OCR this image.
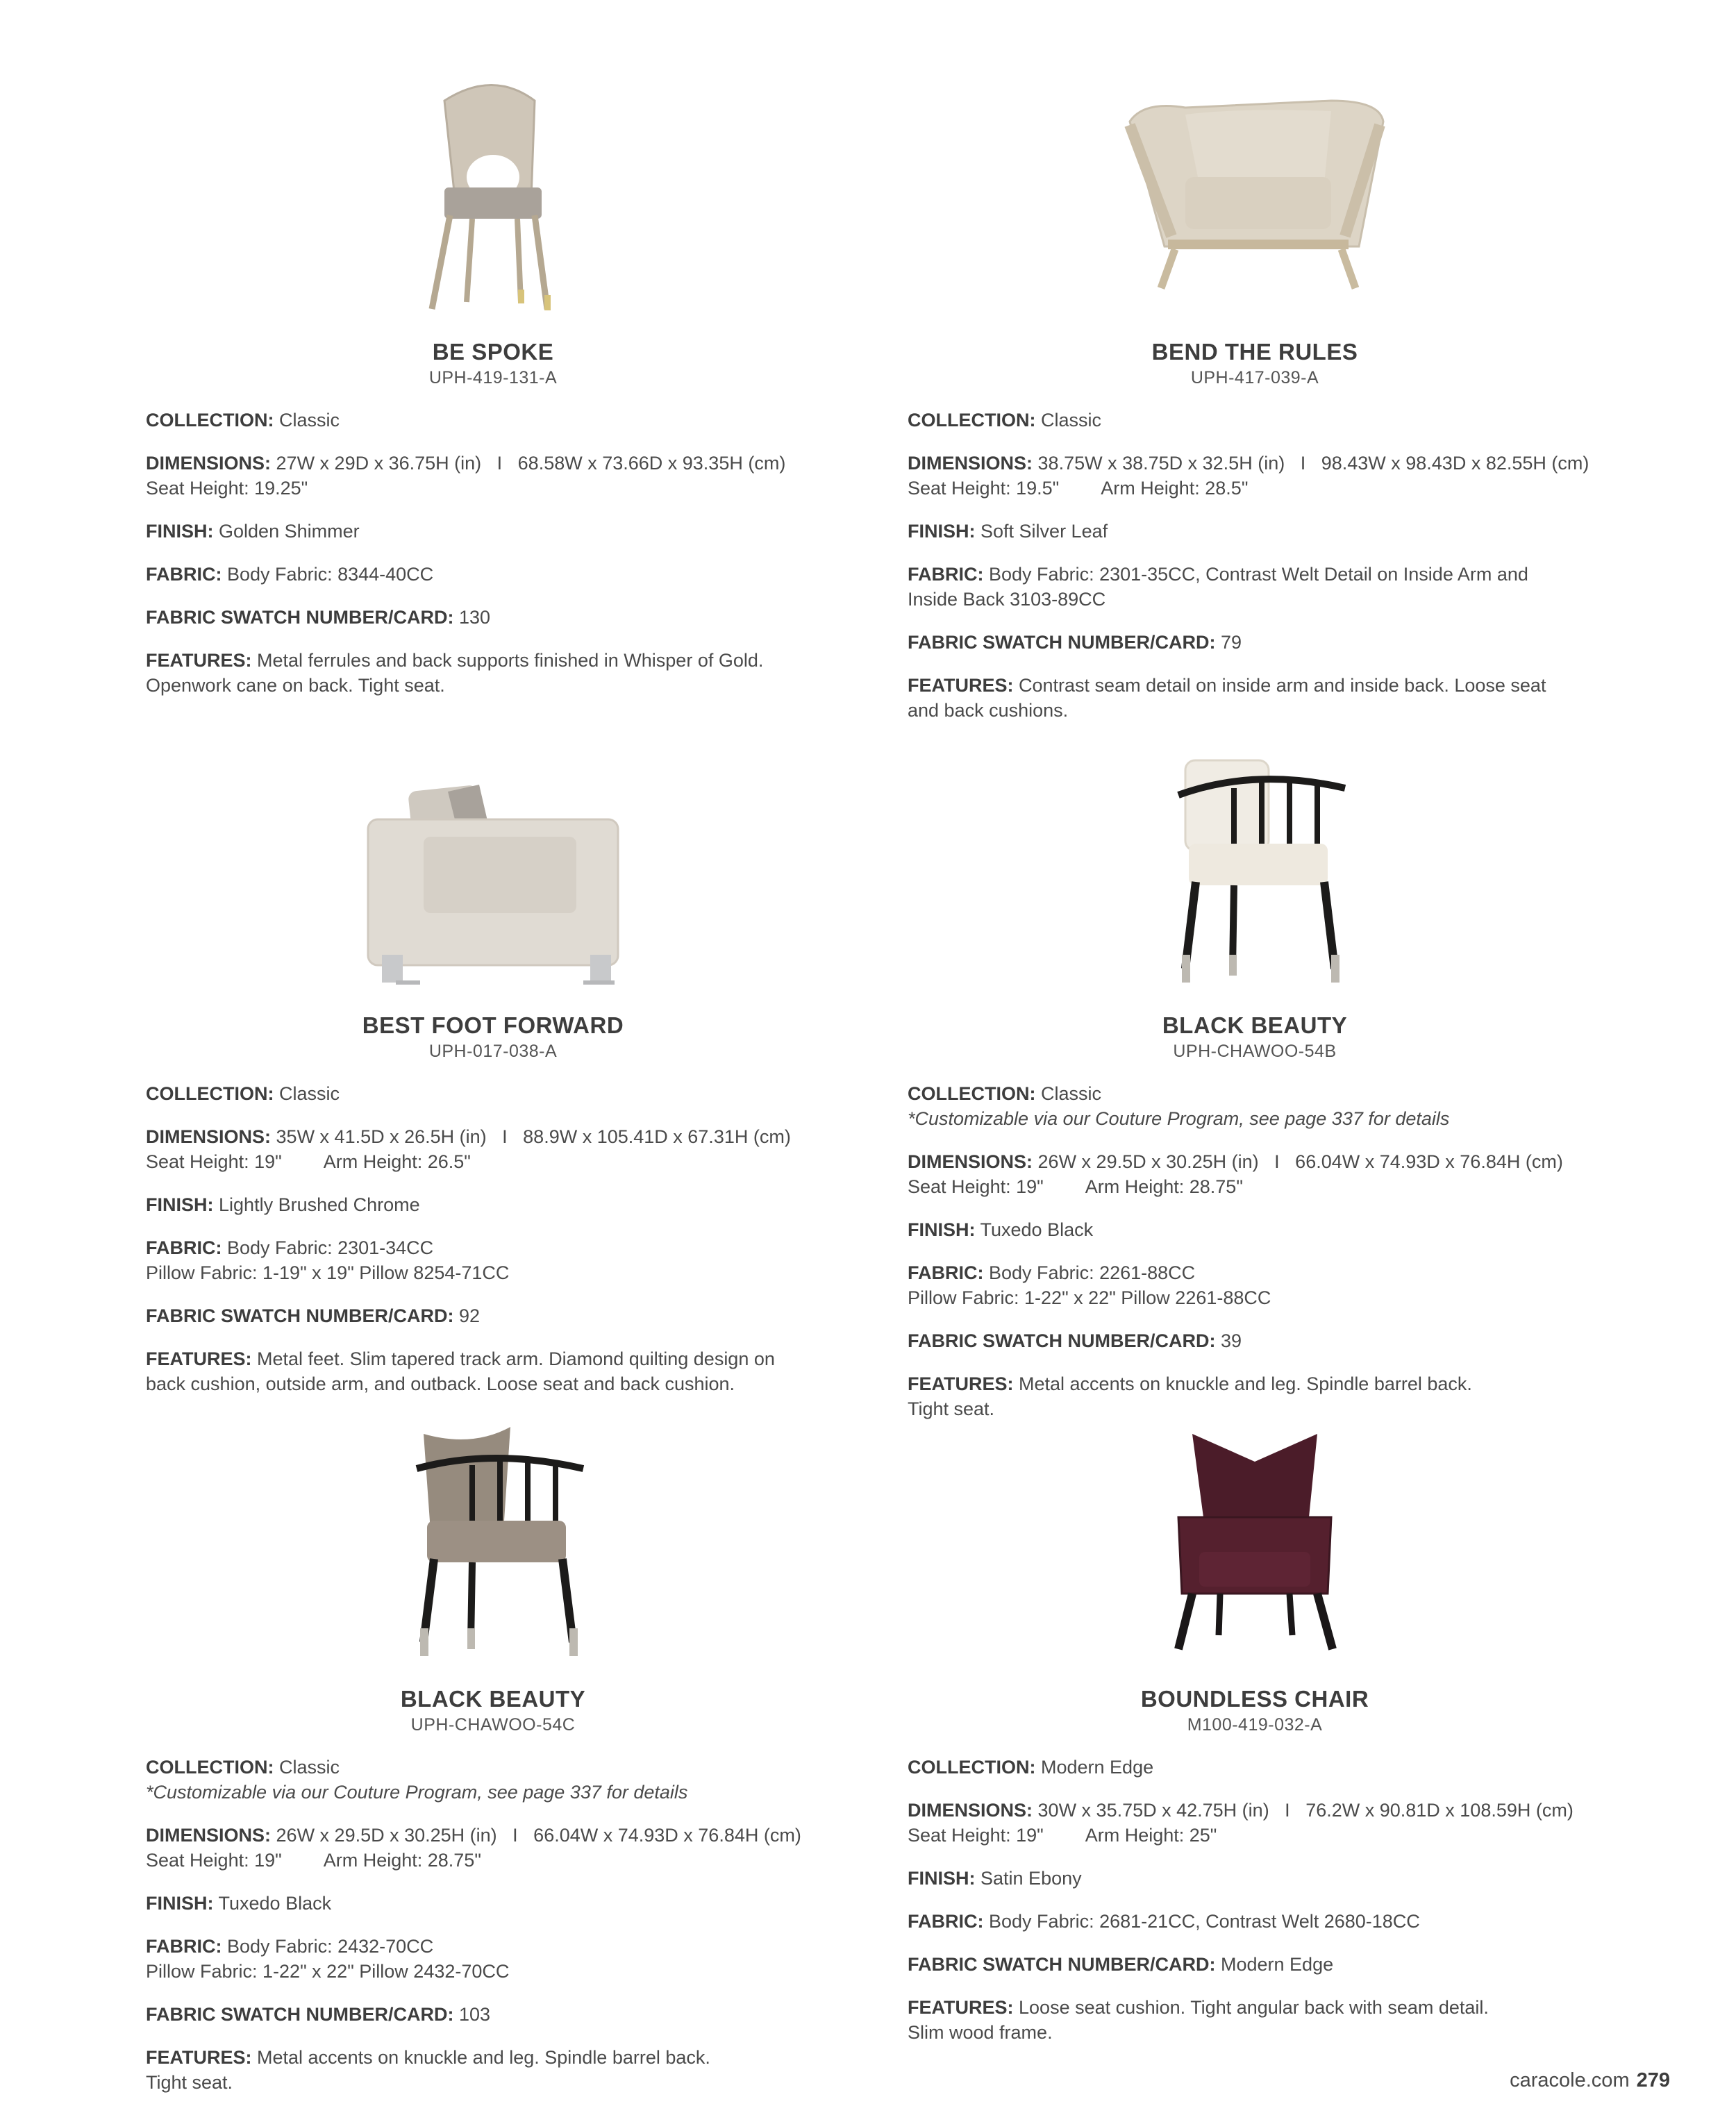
BE SPOKE
UPH-419-131-A
COLLECTION: Classic
DIMENSIONS: 27W x 29D x 36.75H (in)   I   68.58W x 73.66D x 93.35H (cm)
Seat Height: 19.25"
FINISH: Golden Shimmer
FABRIC: Body Fabric: 8344-40CC
FABRIC SWATCH NUMBER/CARD: 130
FEATURES: Metal ferrules and back supports finished in Whisper of Gold.
Openwork cane on back. Tight seat.
BEND THE RULES
UPH-417-039-A
COLLECTION: Classic
DIMENSIONS: 38.75W x 38.75D x 32.5H (in)   I   98.43W x 98.43D x 82.55H (cm)
Seat Height: 19.5" Arm Height: 28.5"
FINISH: Soft Silver Leaf
FABRIC: Body Fabric: 2301-35CC, Contrast Welt Detail on Inside Arm and
Inside Back 3103-89CC
FABRIC SWATCH NUMBER/CARD: 79
FEATURES: Contrast seam detail on inside arm and inside back. Loose seat
and back cushions.
BEST FOOT FORWARD
UPH-017-038-A
COLLECTION: Classic
DIMENSIONS: 35W x 41.5D x 26.5H (in)   I   88.9W x 105.41D x 67.31H (cm)
Seat Height: 19" Arm Height: 26.5"
FINISH: Lightly Brushed Chrome
FABRIC: Body Fabric: 2301-34CC
Pillow Fabric: 1-19" x 19" Pillow 8254-71CC
FABRIC SWATCH NUMBER/CARD: 92
FEATURES: Metal feet. Slim tapered track arm. Diamond quilting design on
back cushion, outside arm, and outback. Loose seat and back cushion.
BLACK BEAUTY
UPH-CHAWOO-54B
COLLECTION: Classic
*Customizable via our Couture Program, see page 337 for details
DIMENSIONS: 26W x 29.5D x 30.25H (in)   I   66.04W x 74.93D x 76.84H (cm)
Seat Height: 19" Arm Height: 28.75"
FINISH: Tuxedo Black
FABRIC: Body Fabric: 2261-88CC
Pillow Fabric: 1-22" x 22" Pillow 2261-88CC
FABRIC SWATCH NUMBER/CARD: 39
FEATURES: Metal accents on knuckle and leg. Spindle barrel back.
Tight seat.
BLACK BEAUTY
UPH-CHAWOO-54C
COLLECTION: Classic
*Customizable via our Couture Program, see page 337 for details
DIMENSIONS: 26W x 29.5D x 30.25H (in)   I   66.04W x 74.93D x 76.84H (cm)
Seat Height: 19" Arm Height: 28.75"
FINISH: Tuxedo Black
FABRIC: Body Fabric: 2432-70CC
Pillow Fabric: 1-22" x 22" Pillow 2432-70CC
FABRIC SWATCH NUMBER/CARD: 103
FEATURES: Metal accents on knuckle and leg. Spindle barrel back.
Tight seat.
BOUNDLESS CHAIR
M100-419-032-A
COLLECTION: Modern Edge
DIMENSIONS: 30W x 35.75D x 42.75H (in)   I   76.2W x 90.81D x 108.59H (cm)
Seat Height: 19" Arm Height: 25"
FINISH: Satin Ebony
FABRIC: Body Fabric: 2681-21CC, Contrast Welt 2680-18CC
FABRIC SWATCH NUMBER/CARD: Modern Edge
FEATURES: Loose seat cushion. Tight angular back with seam detail.
Slim wood frame.
caracole.com 279
